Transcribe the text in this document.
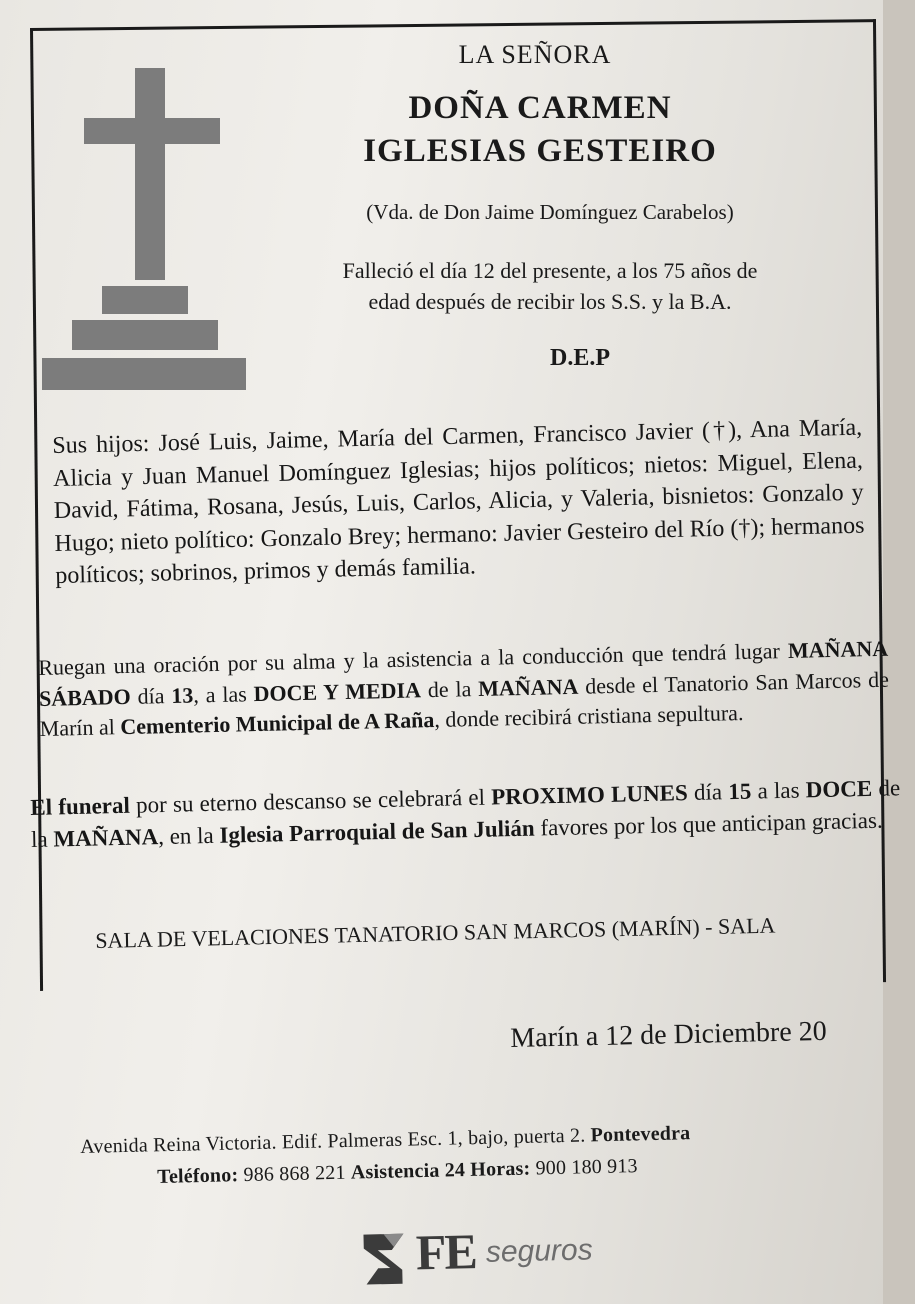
LA SEÑORA
DOÑA CARMEN
IGLESIAS GESTEIRO
(Vda. de Don Jaime Domínguez Carabelos)
Falleció el día 12 del presente, a los 75 años de
edad después de recibir los S.S. y la B.A.
D.E.P
Sus hijos: José Luis, Jaime, María del Carmen, Francisco Javier (†), Ana María, Alicia y Juan Manuel Domínguez Iglesias; hijos políticos; nietos: Miguel, Elena, David, Fátima, Rosana, Jesús, Luis, Carlos, Alicia, y Valeria, bisnietos: Gonzalo y Hugo; nieto político: Gonzalo Brey; hermano: Javier Gesteiro del Río (†); hermanos políticos; sobrinos, primos y demás familia.
Ruegan una oración por su alma y la asistencia a la conducción que tendrá lugar MAÑANA SÁBADO día 13, a las DOCE Y MEDIA de la MAÑANA desde el Tanatorio San Marcos de Marín al Cementerio Municipal de A Raña, donde recibirá cristiana sepultura.
El funeral por su eterno descanso se celebrará el PROXIMO LUNES día 15 a las DOCE de la MAÑANA, en la Iglesia Parroquial de San Julián favores por los que anticipan gracias.
SALA DE VELACIONES TANATORIO SAN MARCOS (MARÍN) - SALA
Marín a 12 de Diciembre 20
Avenida Reina Victoria. Edif. Palmeras Esc. 1, bajo, puerta 2. Pontevedra
Teléfono: 986 868 221 Asistencia 24 Horas: 900 180 913
FE seguros
